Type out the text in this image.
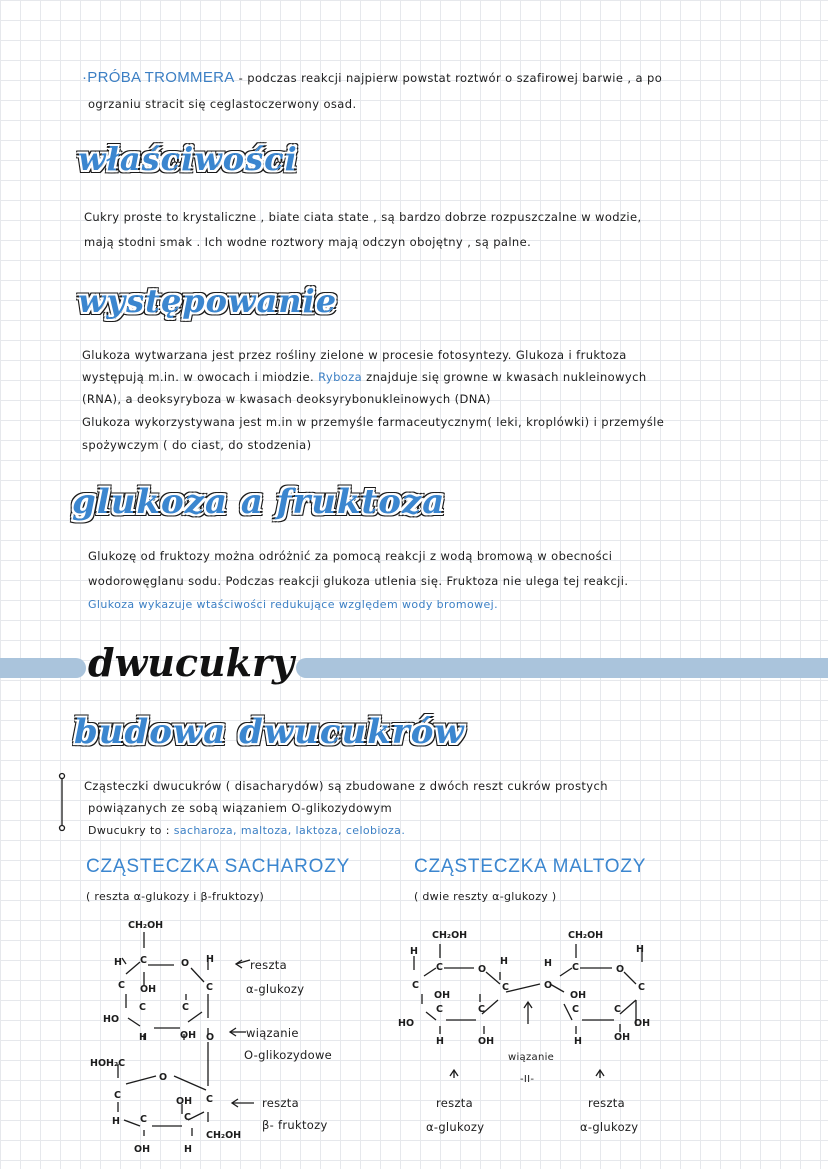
·PRÓBA TROMMERA - podczas reakcji najpierw powstat roztwór o szafirowej barwie , a po
ogrzaniu stracit się ceglastoczerwony osad.
właściwości
Cukry proste to krystaliczne , biate ciata state , są bardzo dobrze rozpuszczalne w wodzie,
mają stodni smak . Ich wodne roztwory mają odczyn obojętny , są palne.
występowanie
Glukoza wytwarzana jest przez rośliny zielone w procesie fotosyntezy. Glukoza i fruktoza
występują m.in. w owocach i miodzie. Ryboza znajduje się growne w kwasach nukleinowych
(RNA), a deoksyryboza w kwasach deoksyrybonukleinowych (DNA)
Glukoza wykorzystywana jest m.in w przemyśle farmaceutycznym( leki, kroplówki) i przemyśle
spożywczym ( do ciast, do stodzenia)
glukoza a fruktoza
Glukozę od fruktozy można odróżnić za pomocą reakcji z wodą bromową w obecności
wodorowęglanu sodu. Podczas reakcji glukoza utlenia się. Fruktoza nie ulega tej reakcji.
Glukoza wykazuje wtaściwości redukujące względem wody bromowej.
dwucukry
budowa dwucukrów
Cząsteczki dwucukrów ( disacharydów) są zbudowane z dwóch reszt cukrów prostych
powiązanych ze sobą wiązaniem O-glikozydowym
Dwucukry to : sacharoza, maltoza, laktoza, celobioza.
CZĄSTECZKA SACHAROZY
( reszta α-glukozy i β-fruktozy)
CH₂OH
C	O
H	H
C OH	C
C	C
HO
H	OH O
HOH₂C
O
C
OH C
H C	C
CH₂OH
OH	H
reszta
α-glukozy
wiązanie
O-glikozydowe
reszta
β- fruktozy
CZĄSTECZKA MALTOZY
( dwie reszty α-glukozy )
CH₂OH	CH₂OH
H
C	O
H	H C	O
H
C
OH
C	O
OH
C
C	C	C	C
HO	OH
H	OH	H	OH
wiązanie
-II-
reszta
α-glukozy
reszta
α-glukozy
